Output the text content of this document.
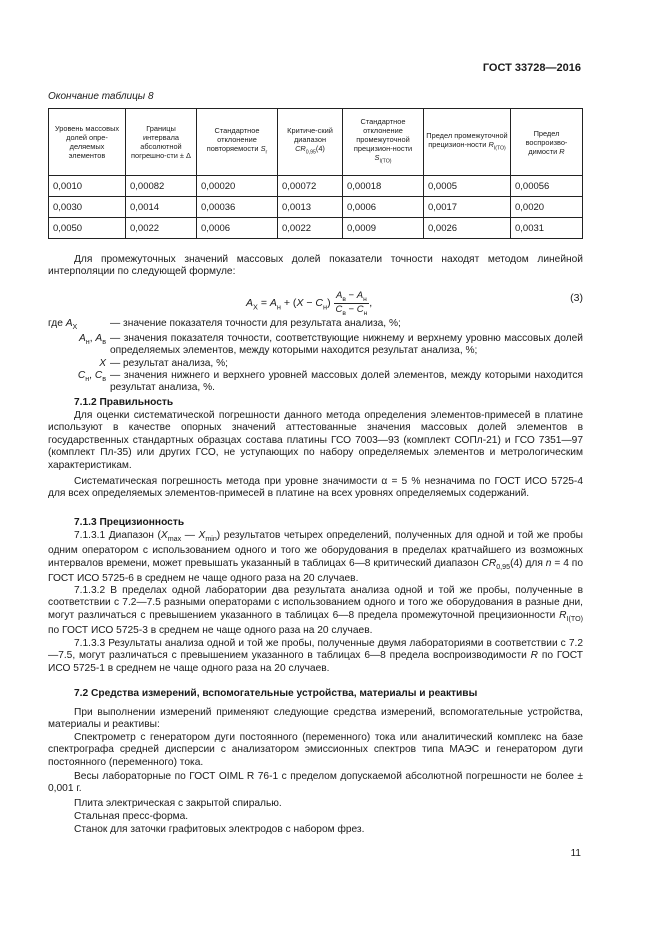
ГОСТ 33728—2016
Окончание таблицы 8
Уровень массовых долей опре-деляемых элементов	Границы интервала абсолютной погрешно-сти ± Δ	Стандартное отклонение повторяемости $S_r$	Критиче-ский диапазон $CR_{0,95}(4)$	Стандартное отклонение промежуточной прецизион-ности $S_{I(TO)}$	Предел промежуточной прецизион-ности $R_{I(TO)}$	Предел воспроизво-димости R
0,0010	0,00082	0,00020	0,00072	0,00018	0,0005	0,00056
0,0030	0,0014	0,00036	0,0013	0,0006	0,0017	0,0020
0,0050	0,0022	0,0006	0,0022	0,0009	0,0026	0,0031
Для промежуточных значений массовых долей показатели точности находят методом линейной интерполяции по следующей формуле:
$A_X = A_н + (X - C_н) \frac{A_в - A_н}{C_в - C_н}$ ,	(3)
где $A_X$	— значение показателя точности для результата анализа, %;
$A_н$, $A_в$ — значения показателя точности, соответствующие нижнему и верхнему уровню массовых долей определяемых элементов, между которыми находится результат анализа, %;
X — результат анализа, %;
$C_н$, $C_в$ — значения нижнего и верхнего уровней массовых долей элементов, между которыми находится результат анализа, %.
7.1.2 Правильность
Для оценки систематической погрешности данного метода определения элементов-примесей в платине используют в качестве опорных значений аттестованные значения массовых долей элементов в государственных стандартных образцах состава платины ГСО 7003—93 (комплект СОПл-21) и ГСО 7351—97 (комплект Пл-35) или других ГСО, не уступающих по набору определяемых элементов и метрологическим характеристикам.
Систематическая погрешность метода при уровне значимости α = 5 % незначима по ГОСТ ИСО 5725-4 для всех определяемых элементов-примесей в платине на всех уровнях определяемых содержаний.
7.1.3 Прецизионность
7.1.3.1 Диапазон ($X_{max}$ — $X_{min}$) результатов четырех определений, полученных для одной и той же пробы одним оператором с использованием одного и того же оборудования в пределах кратчайшего из возможных интервалов времени, может превышать указанный в таблицах 6—8 критический диапазон $CR_{0,95}(4)$ для n = 4 по ГОСТ ИСО 5725-6 в среднем не чаще одного раза на 20 случаев.
7.1.3.2 В пределах одной лаборатории два результата анализа одной и той же пробы, полученные в соответствии с 7.2—7.5 разными операторами с использованием одного и того же оборудования в разные дни, могут различаться с превышением указанного в таблицах 6—8 предела промежуточной прецизионности $R_{I(TO)}$ по ГОСТ ИСО 5725-3 в среднем не чаще одного раза на 20 случаев.
7.1.3.3 Результаты анализа одной и той же пробы, полученные двумя лабораториями в соответствии с 7.2—7.5, могут различаться с превышением указанного в таблицах 6—8 предела воспроизводимости R по ГОСТ ИСО 5725-1 в среднем не чаще одного раза на 20 случаев.
7.2 Средства измерений, вспомогательные устройства, материалы и реактивы
При выполнении измерений применяют следующие средства измерений, вспомогательные устройства, материалы и реактивы:
Спектрометр с генератором дуги постоянного (переменного) тока или аналитический комплекс на базе спектрографа средней дисперсии с анализатором эмиссионных спектров типа МАЭС и генератором дуги постоянного (переменного) тока.
Весы лабораторные по ГОСТ OIML R 76-1 с пределом допускаемой абсолютной погрешности не более ± 0,001 г.
Плита электрическая с закрытой спиралью.
Стальная пресс-форма.
Станок для заточки графитовых электродов с набором фрез.
11
